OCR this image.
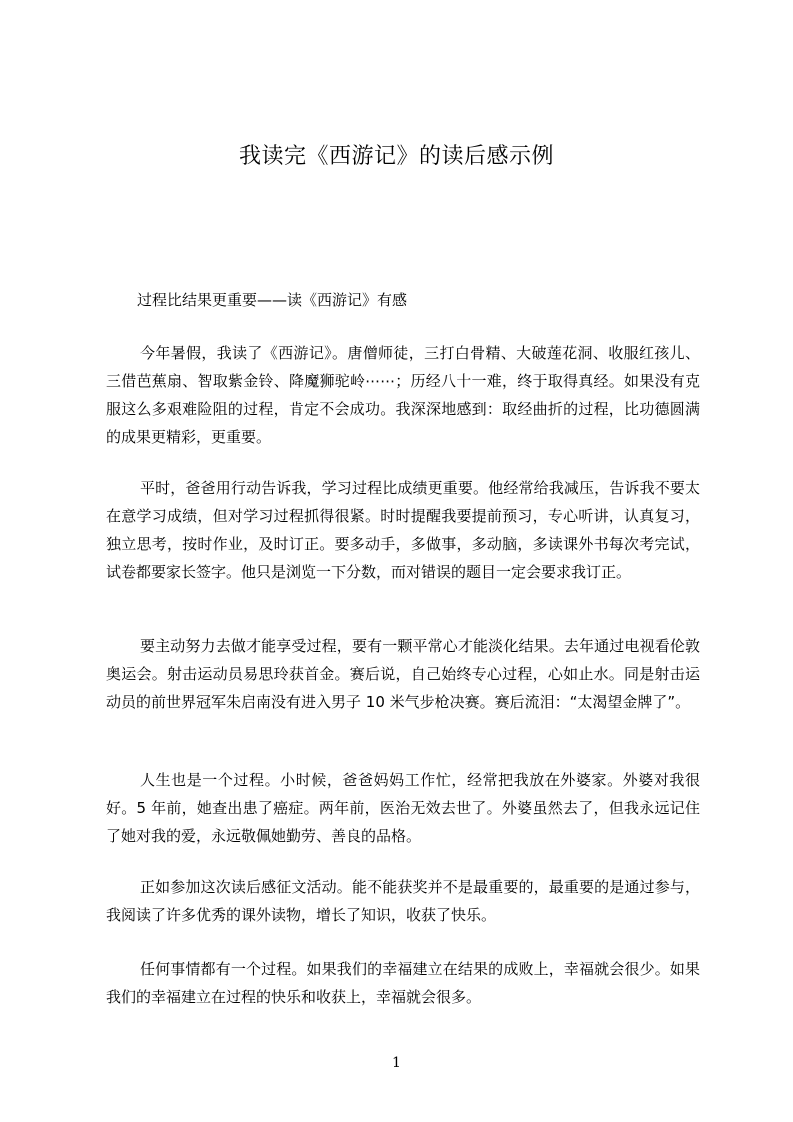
我读完《西游记》的读后感示例
过程比结果更重要——读《西游记》有感

今年暑假，我读了《西游记》。唐僧师徒，三打白骨精、大破莲花洞、收服红孩儿、三借芭蕉扇、智取紫金铃、降魔狮驼岭⋯⋯；历经八十一难，终于取得真经。如果没有克服这么多艰难险阻的过程，肯定不会成功。我深深地感到：取经曲折的过程，比功德圆满的成果更精彩，更重要。

平时，爸爸用行动告诉我，学习过程比成绩更重要。他经常给我减压，告诉我不要太在意学习成绩，但对学习过程抓得很紧。时时提醒我要提前预习，专心听讲，认真复习，独立思考，按时作业，及时订正。要多动手，多做事，多动脑，多读课外书每次考完试，试卷都要家长签字。他只是浏览一下分数，而对错误的题目一定会要求我订正。

要主动努力去做才能享受过程，要有一颗平常心才能淡化结果。去年通过电视看伦敦奥运会。射击运动员易思玲获首金。赛后说，自己始终专心过程，心如止水。同是射击运动员的前世界冠军朱启南没有进入男子 10 米气步枪决赛。赛后流泪：“太渴望金牌了”。

人生也是一个过程。小时候，爸爸妈妈工作忙，经常把我放在外婆家。外婆对我很好。5 年前，她查出患了癌症。两年前，医治无效去世了。外婆虽然去了，但我永远记住了她对我的爱，永远敬佩她勤劳、善良的品格。

正如参加这次读后感征文活动。能不能获奖并不是最重要的，最重要的是通过参与，我阅读了许多优秀的课外读物，增长了知识，收获了快乐。

任何事情都有一个过程。如果我们的幸福建立在结果的成败上，幸福就会很少。如果我们的幸福建立在过程的快乐和收获上，幸福就会很多。

1
